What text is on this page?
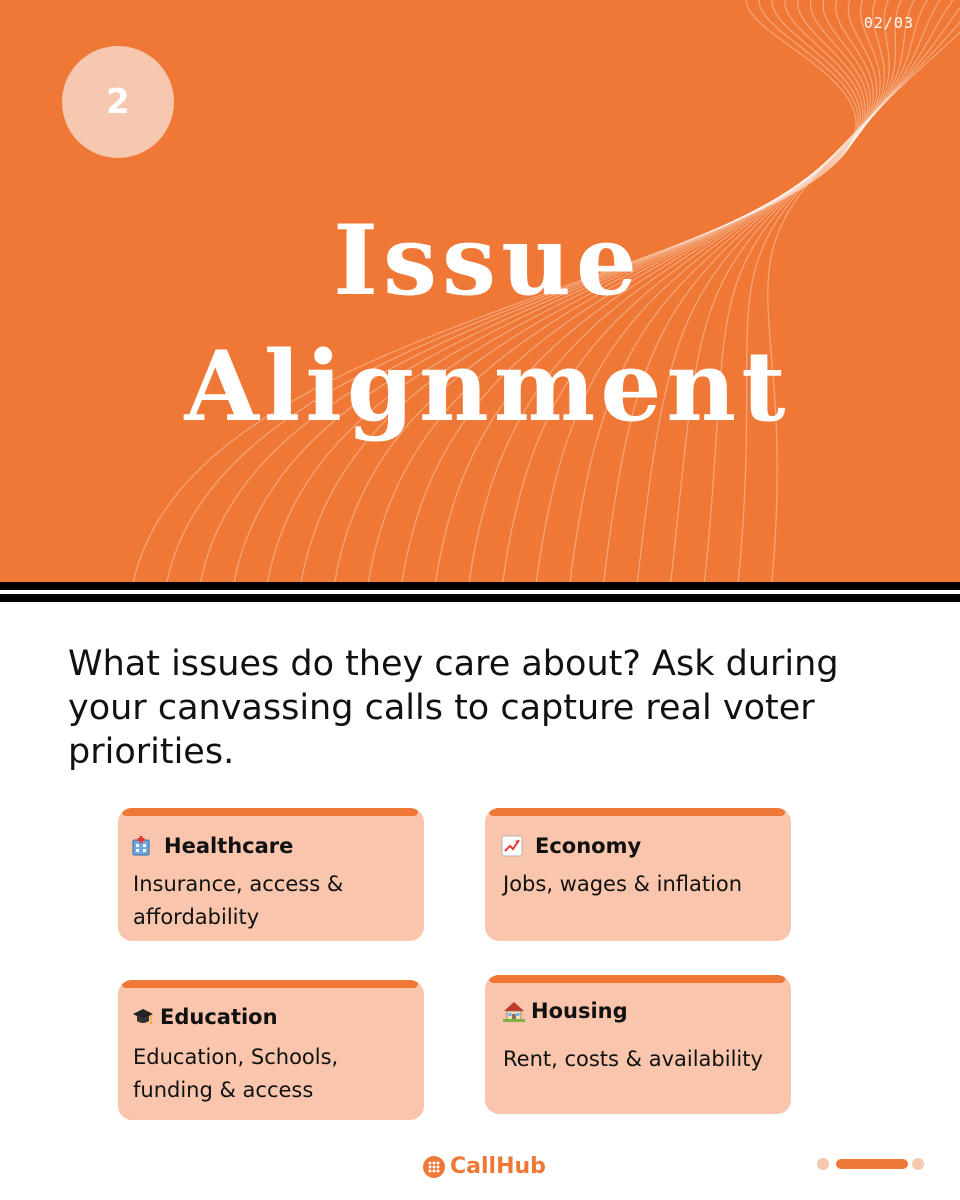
02/03
2
Issue
Alignment

What issues do they care about? Ask during your canvassing calls to capture real voter priorities.

Healthcare

Insurance, access & affordability

Economy

Jobs, wages & inflation

Education

Education, Schools, funding & access

Housing

Rent, costs & availability

CallHub
